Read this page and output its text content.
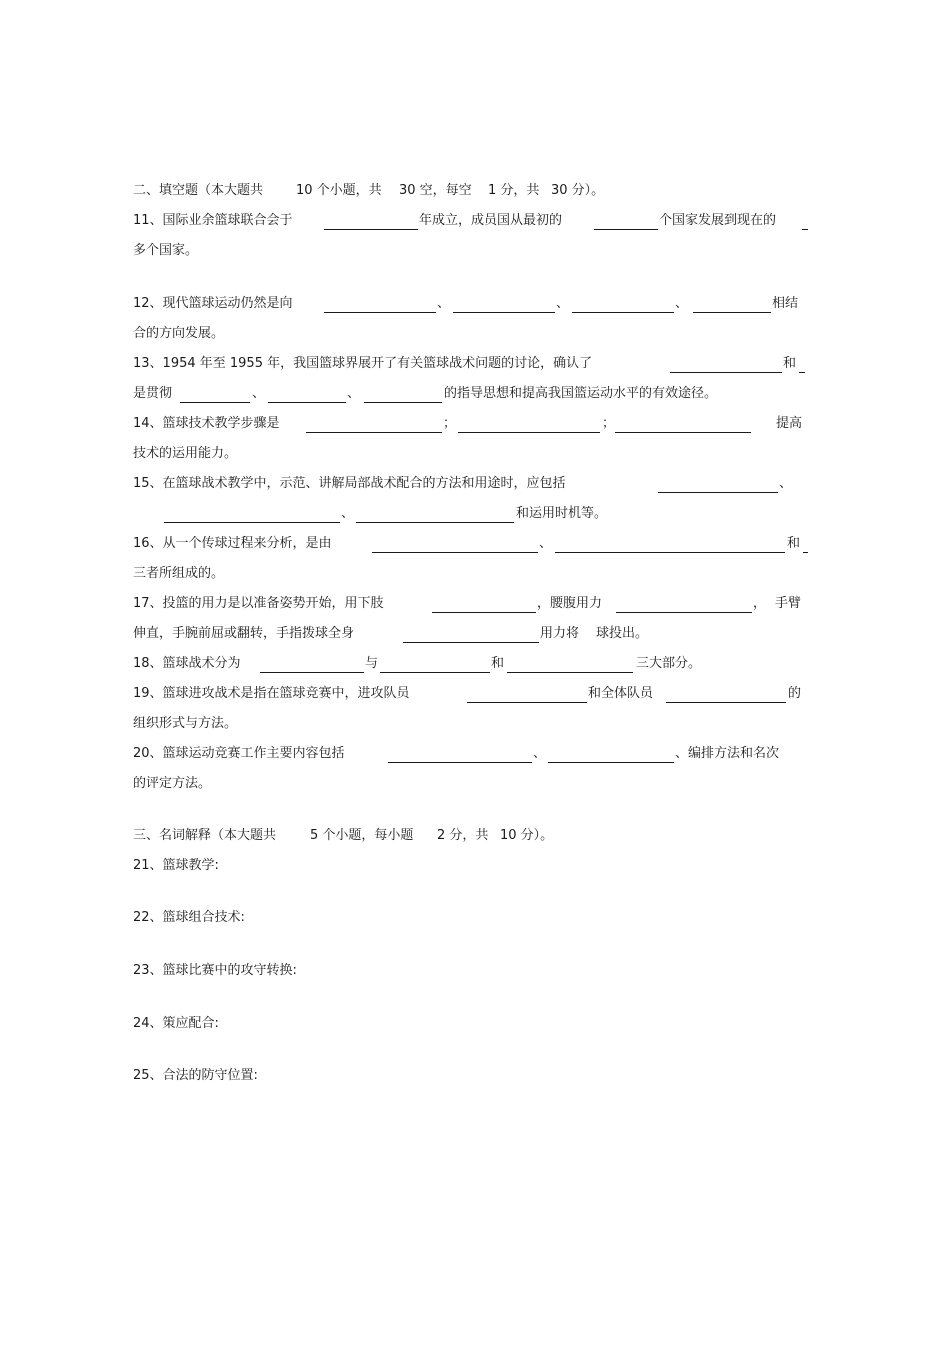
二、填空题（本大题共	10 个小题，共 30 空，每空 1 分，共 30 分）。
11、国际业余篮球联合会于	年成立，成员国从最初的	个国家发展到现在的
多个国家。
12、现代篮球运动仍然是向	、	、	、	相结
合的方向发展。
13、1954 年至 1955 年，我国篮球界展开了有关篮球战术问题的讨论，确认了	和
是贯彻	、	、	的指导思想和提高我国篮运动水平的有效途径。
14、篮球技术教学步骤是	；	；	提高
技术的运用能力。
15、在篮球战术教学中，示范、讲解局部战术配合的方法和用途时，应包括	、
、	和运用时机等。
16、从一个传球过程来分析，是由	、	和
三者所组成的。
17、投篮的用力是以准备姿势开始，用下肢	，腰腹用力	， 手臂
伸直，手腕前屈或翻转，手指拨球全身	用力将 球投出。
18、篮球战术分为	与	和	三大部分。
19、篮球进攻战术是指在篮球竞赛中，进攻队员	和全体队员	的
组织形式与方法。
20、篮球运动竞赛工作主要内容包括	、	、编排方法和名次
的评定方法。
三、名词解释（本大题共	5 个小题，每小题 2 分，共 10 分）。
21、篮球教学:
22、篮球组合技术:
23、篮球比赛中的攻守转换:
24、策应配合:
25、合法的防守位置:
